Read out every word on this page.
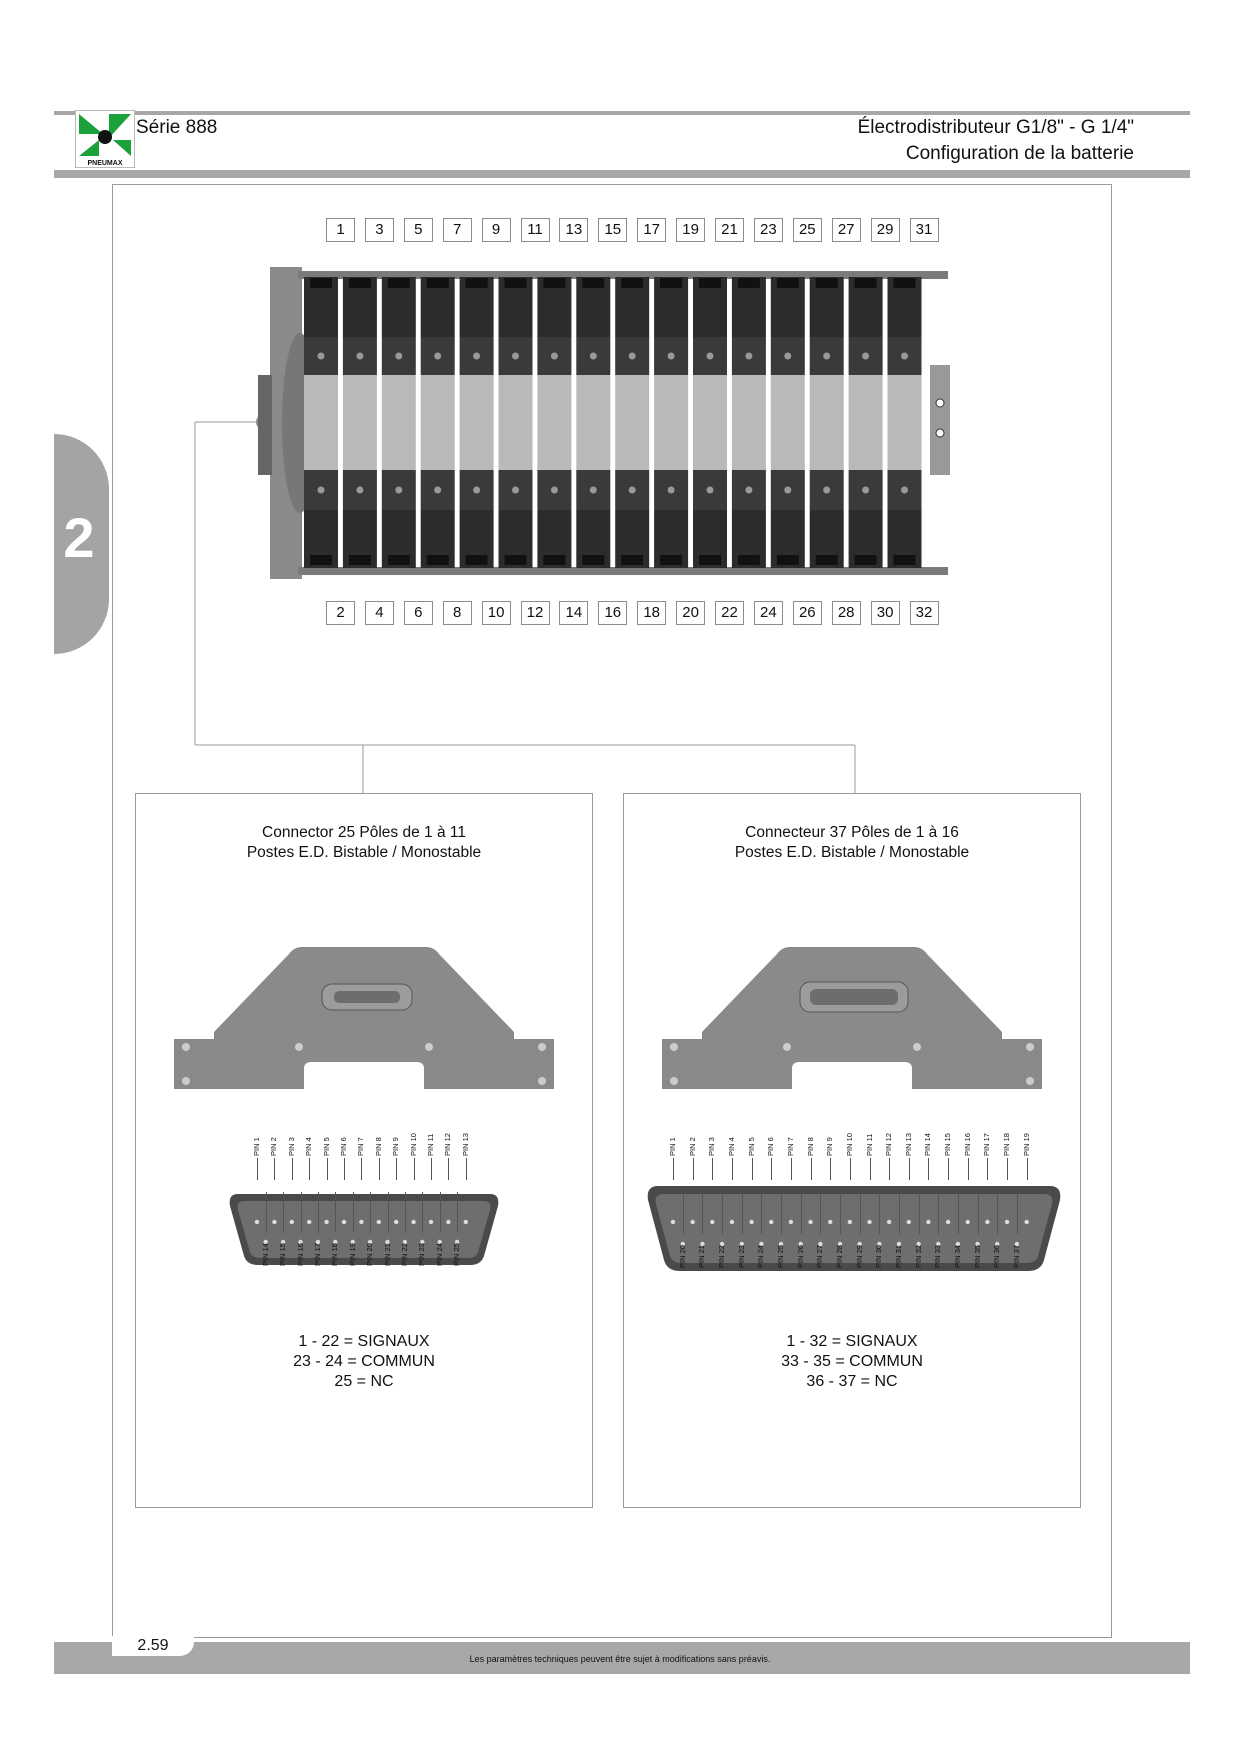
PNEUMAX
Série 888	Électrodistributeur G1/8" - G 1/4"
Configuration de la batterie
2
1	3	5	7	9	11	13	15	17	19	21	23	25	27	29	31
2	4	6	8	10	12	14	16	18	20	22	24	26	28	30	32
Connector 25 Pôles de 1 à 11
Postes E.D. Bistable / Monostable
PIN 1 PIN 2 PIN 3 PIN 4 PIN 5 PIN 6 PIN 7 PIN 8 PIN 9 PIN 10 PIN 11 PIN 12 PIN 13
PIN 14 PIN 15 PIN 16 PIN 17 PIN 18 PIN 19 PIN 20 PIN 21 PIN 22 PIN 23 PIN 24 PIN 25
1 - 22 = SIGNAUX
23 - 24 = COMMUN
25 = NC
Connecteur 37 Pôles de 1 à 16
Postes E.D. Bistable / Monostable
PIN 1 PIN 2 PIN 3 PIN 4 PIN 5 PIN 6 PIN 7 PIN 8 PIN 9 PIN 10 PIN 11 PIN 12 PIN 13 PIN 14 PIN 15 PIN 16 PIN 17 PIN 18 PIN 19
PIN 20 PIN 21 PIN 22 PIN 23 PIN 24 PIN 25 PIN 26 PIN 27 PIN 28 PIN 29 PIN 30 PIN 31 PIN 32 PIN 33 PIN 34 PIN 35 PIN 36 PIN 37
1 - 32 = SIGNAUX
33 - 35 = COMMUN
36 - 37 = NC
2.59
Les paramètres techniques peuvent être sujet à modifications sans préavis.
